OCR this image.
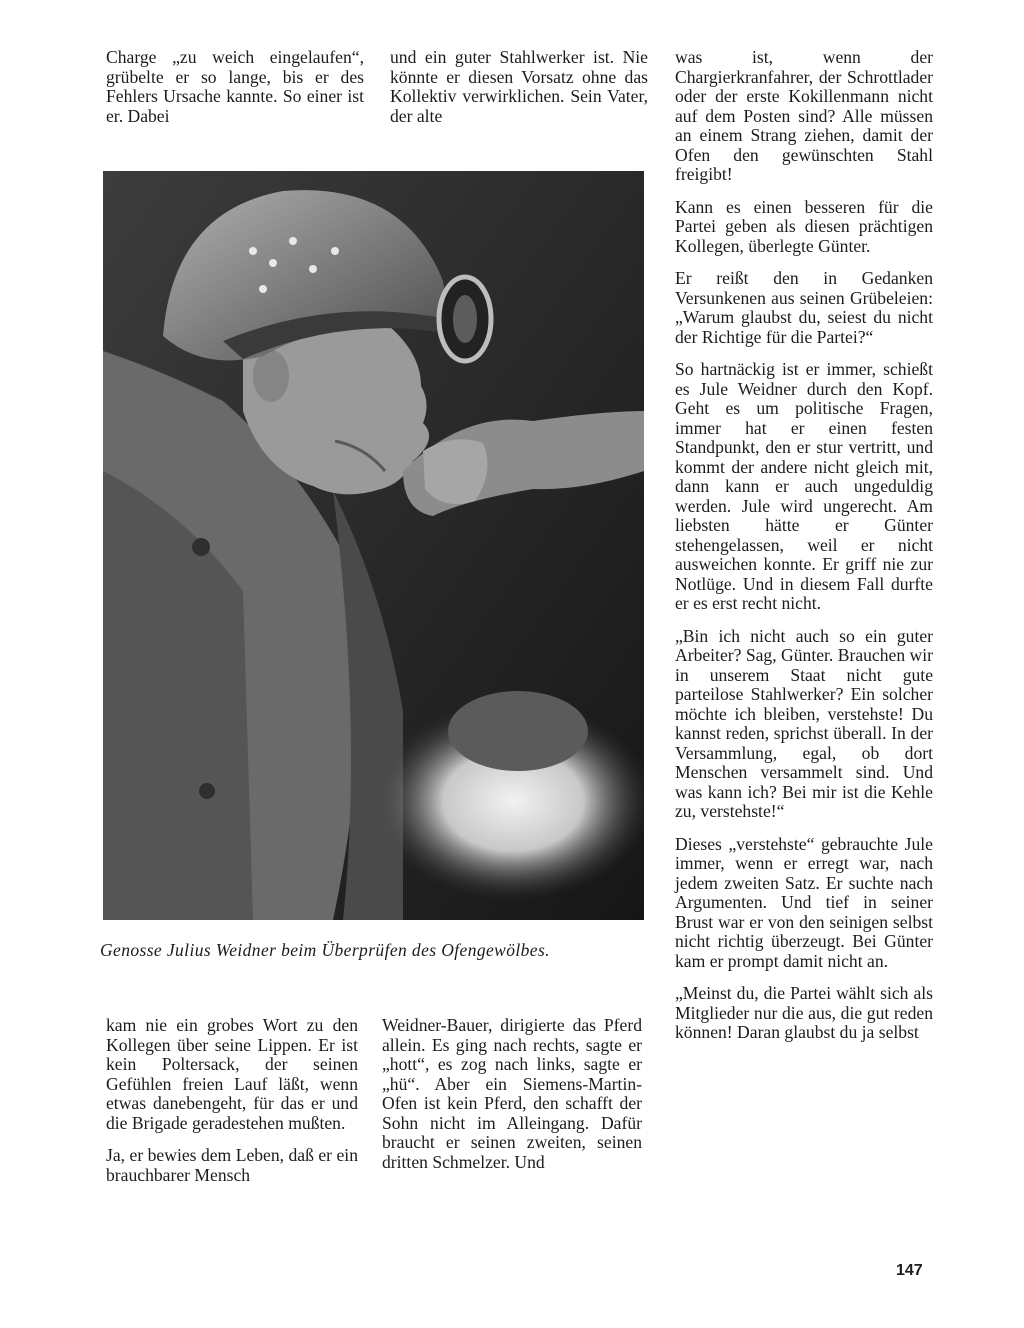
Charge „zu weich eingelaufen“, grübelte er so lange, bis er des Fehlers Ursache kannte. So einer ist er. Dabei

und ein guter Stahlwerker ist. Nie könnte er diesen Vorsatz ohne das Kollektiv verwirklichen. Sein Vater, der alte

was ist, wenn der Chargierkranfahrer, der Schrottlader oder der erste Kokillenmann nicht auf dem Posten sind? Alle müssen an einem Strang ziehen, damit der Ofen den gewünschten Stahl freigibt!

Kann es einen besseren für die Partei geben als diesen prächtigen Kollegen, überlegte Günter.

Er reißt den in Gedanken Versunkenen aus seinen Grübeleien: „Warum glaubst du, seiest du nicht der Richtige für die Partei?“

So hartnäckig ist er immer, schießt es Jule Weidner durch den Kopf. Geht es um politische Fragen, immer hat er einen festen Standpunkt, den er stur vertritt, und kommt der andere nicht gleich mit, dann kann er auch ungeduldig werden. Jule wird ungerecht. Am liebsten hätte er Günter stehengelassen, weil er nicht ausweichen konnte. Er griff nie zur Notlüge. Und in diesem Fall durfte er es erst recht nicht.

„Bin ich nicht auch so ein guter Arbeiter? Sag, Günter. Brauchen wir in unserem Staat nicht gute parteilose Stahlwerker? Ein solcher möchte ich bleiben, verstehste! Du kannst reden, sprichst überall. In der Versammlung, egal, ob dort Menschen versammelt sind. Und was kann ich? Bei mir ist die Kehle zu, verstehste!“

Dieses „verstehste“ gebrauchte Jule immer, wenn er erregt war, nach jedem zweiten Satz. Er suchte nach Argumenten. Und tief in seiner Brust war er von den seinigen selbst nicht richtig überzeugt. Bei Günter kam er prompt damit nicht an.

„Meinst du, die Partei wählt sich als Mitglieder nur die aus, die gut reden können! Daran glaubst du ja selbst

Genosse Julius Weidner beim Überprüfen des Ofengewölbes.

kam nie ein grobes Wort zu den Kollegen über seine Lippen. Er ist kein Poltersack, der seinen Gefühlen freien Lauf läßt, wenn etwas danebengeht, für das er und die Brigade geradestehen mußten.

Ja, er bewies dem Leben, daß er ein brauchbarer Mensch

Weidner-Bauer, dirigierte das Pferd allein. Es ging nach rechts, sagte er „hott“, es zog nach links, sagte er „hü“. Aber ein Siemens-Martin-Ofen ist kein Pferd, den schafft der Sohn nicht im Alleingang. Dafür braucht er seinen zweiten, seinen dritten Schmelzer. Und

147
